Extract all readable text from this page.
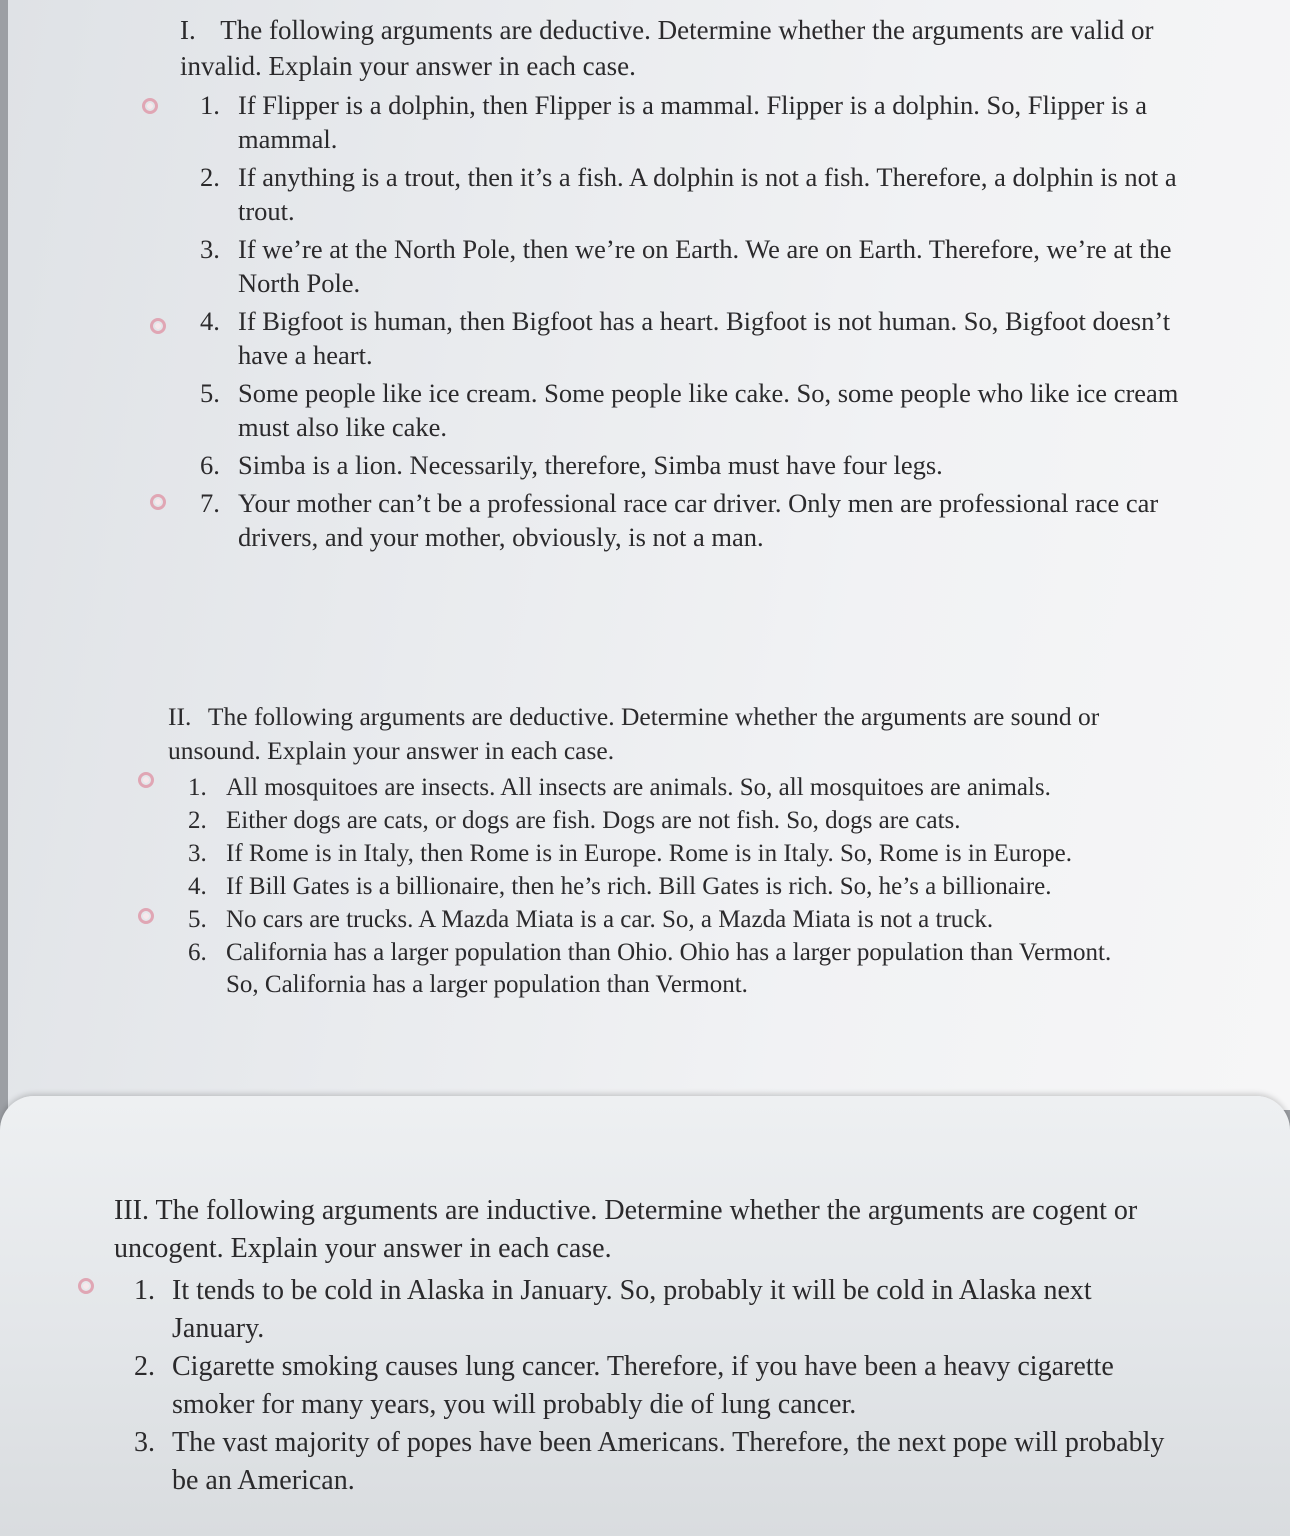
I. The following arguments are deductive. Determine whether the arguments are valid or invalid. Explain your answer in each case.

1. If Flipper is a dolphin, then Flipper is a mammal. Flipper is a dolphin. So, Flipper is a mammal.
2. If anything is a trout, then it’s a fish. A dolphin is not a fish. Therefore, a dolphin is not a trout.
3. If we’re at the North Pole, then we’re on Earth. We are on Earth. Therefore, we’re at the North Pole.
4. If Bigfoot is human, then Bigfoot has a heart. Bigfoot is not human. So, Bigfoot doesn’t have a heart.
5. Some people like ice cream. Some people like cake. So, some people who like ice cream must also like cake.
6. Simba is a lion. Necessarily, therefore, Simba must have four legs.
7. Your mother can’t be a professional race car driver. Only men are professional race car drivers, and your mother, obviously, is not a man.

II. The following arguments are deductive. Determine whether the arguments are sound or unsound. Explain your answer in each case.

1. All mosquitoes are insects. All insects are animals. So, all mosquitoes are animals.
2. Either dogs are cats, or dogs are fish. Dogs are not fish. So, dogs are cats.
3. If Rome is in Italy, then Rome is in Europe. Rome is in Italy. So, Rome is in Europe.
4. If Bill Gates is a billionaire, then he’s rich. Bill Gates is rich. So, he’s a billionaire.
5. No cars are trucks. A Mazda Miata is a car. So, a Mazda Miata is not a truck.
6. California has a larger population than Ohio. Ohio has a larger population than Vermont. So, California has a larger population than Vermont.

III. The following arguments are inductive. Determine whether the arguments are cogent or uncogent. Explain your answer in each case.

1. It tends to be cold in Alaska in January. So, probably it will be cold in Alaska next January.
2. Cigarette smoking causes lung cancer. Therefore, if you have been a heavy cigarette smoker for many years, you will probably die of lung cancer.
3. The vast majority of popes have been Americans. Therefore, the next pope will probably be an American.
